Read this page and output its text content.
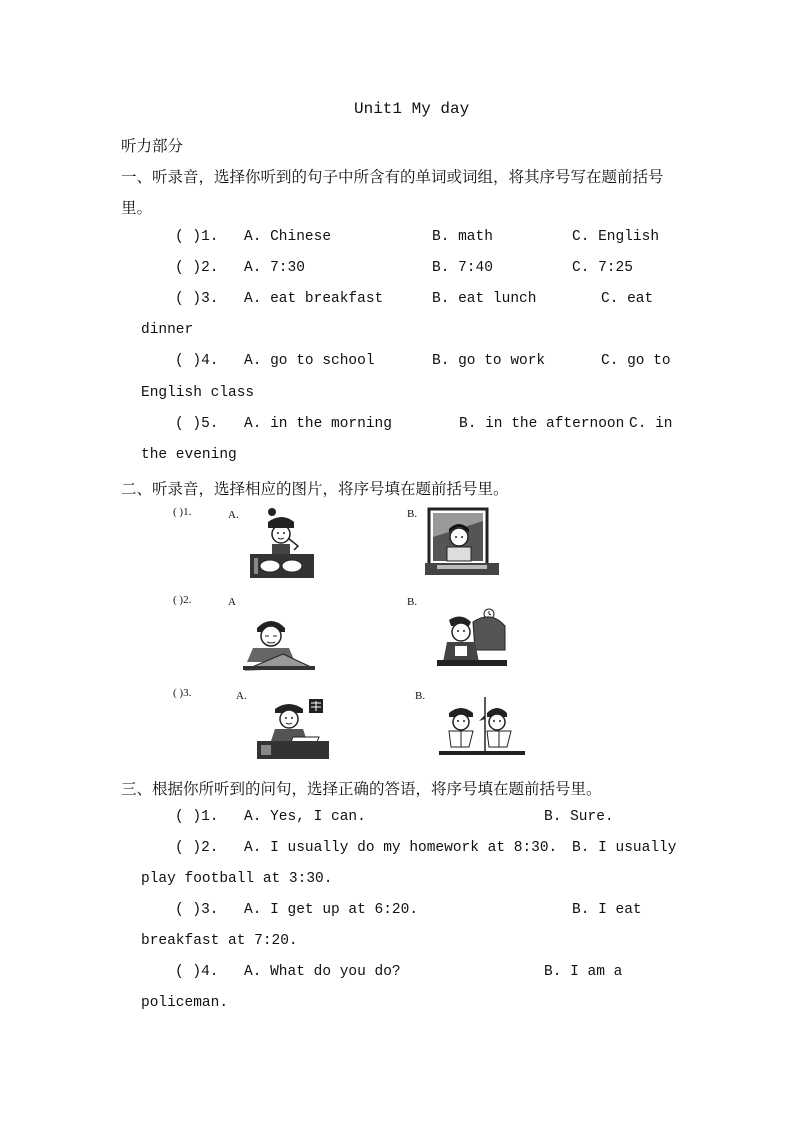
Unit1 My day
听力部分
一、听录音，选择你听到的句子中所含有的单词或词组，将其序号写在题前括号
里。
( )1. A. Chinese	B. math	C. English
( )2. A. 7:30	B. 7:40	C. 7:25
( )3. A. eat breakfast	B. eat lunch	C. eat
dinner
( )4. A. go to school	B. go to work	C. go to
English class
( )5. A. in the morning	B. in the afternoon C. in
the evening
二、听录音，选择相应的图片，将序号填在题前括号里。
( )1.	A.	B.
( )2.	A	B.
( )3.	A.	B.
三、根据你所听到的问句，选择正确的答语，将序号填在题前括号里。
( )1. A. Yes, I can.	B. Sure.
( )2. A. I usually do my homework at 8:30. B. I usually
play football at 3:30.
( )3. A. I get up at 6:20.	B. I eat
breakfast at 7:20.
( )4. A. What do you do?	B. I am a
policeman.
